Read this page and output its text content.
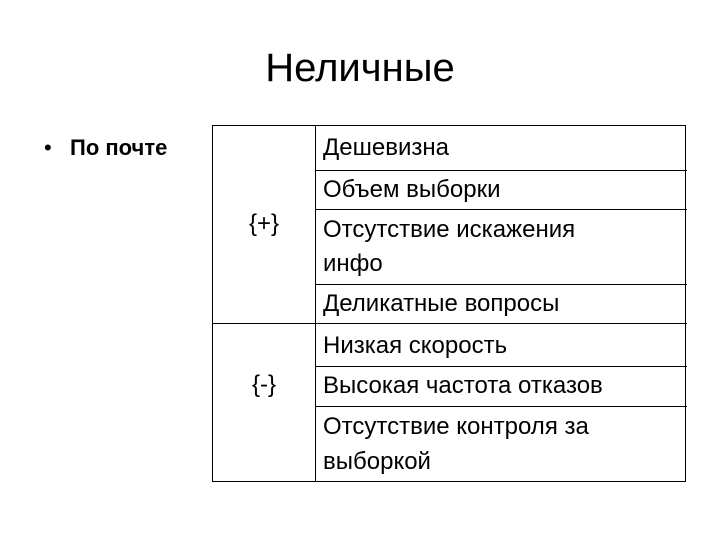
Неличные
• По почте
{+}
{-}
Дешевизна
Объем выборки
Отсутствие искажения
инфо
Деликатные вопросы
Низкая скорость
Высокая частота отказов
Отсутствие контроля за
выборкой
